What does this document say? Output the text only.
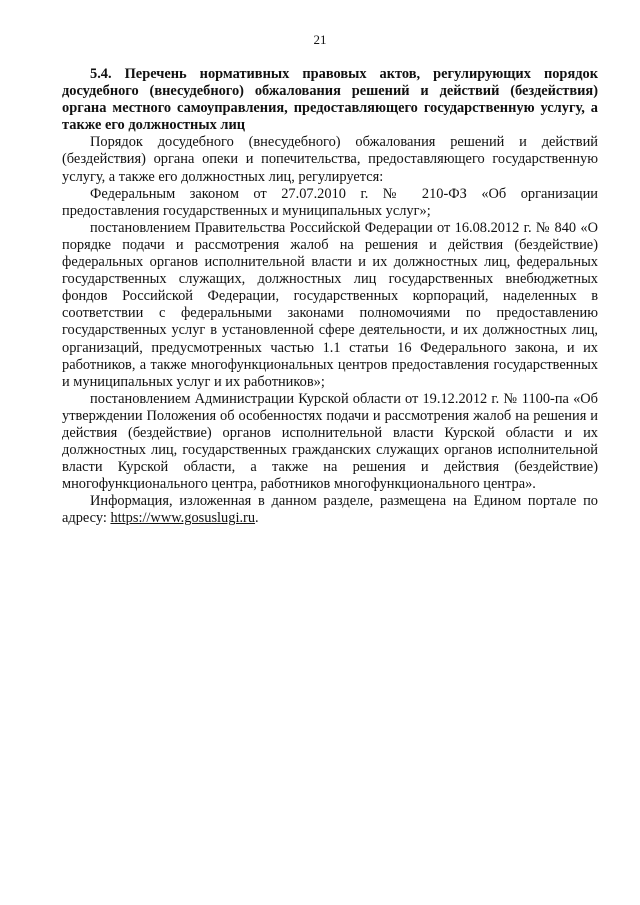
21

5.4. Перечень нормативных правовых актов, регулирующих порядок досудебного (внесудебного) обжалования решений и действий (бездействия) органа местного самоуправления, предоставляющего государственную услугу, а также его должностных лиц

Порядок досудебного (внесудебного) обжалования решений и действий (бездействия) органа опеки и попечительства, предоставляющего государственную услугу, а также его должностных лиц, регулируется:

Федеральным законом от 27.07.2010 г. № 210-ФЗ «Об организации предоставления государственных и муниципальных услуг»;

постановлением Правительства Российской Федерации от 16.08.2012 г. № 840 «О порядке подачи и рассмотрения жалоб на решения и действия (бездействие) федеральных органов исполнительной власти и их должностных лиц, федеральных государственных служащих, должностных лиц государственных внебюджетных фондов Российской Федерации, государственных корпораций, наделенных в соответствии с федеральными законами полномочиями по предоставлению государственных услуг в установленной сфере деятельности, и их должностных лиц, организаций, предусмотренных частью 1.1 статьи 16 Федерального закона, и их работников, а также многофункциональных центров предоставления государственных и муниципальных услуг и их работников»;

постановлением Администрации Курской области от 19.12.2012 г. № 1100-па «Об утверждении Положения об особенностях подачи и рассмотрения жалоб на решения и действия (бездействие) органов исполнительной власти Курской области и их должностных лиц, государственных гражданских служащих органов исполнительной власти Курской области, а также на решения и действия (бездействие) многофункционального центра, работников многофункционального центра».

Информация, изложенная в данном разделе, размещена на Едином портале по адресу: https://www.gosuslugi.ru.
